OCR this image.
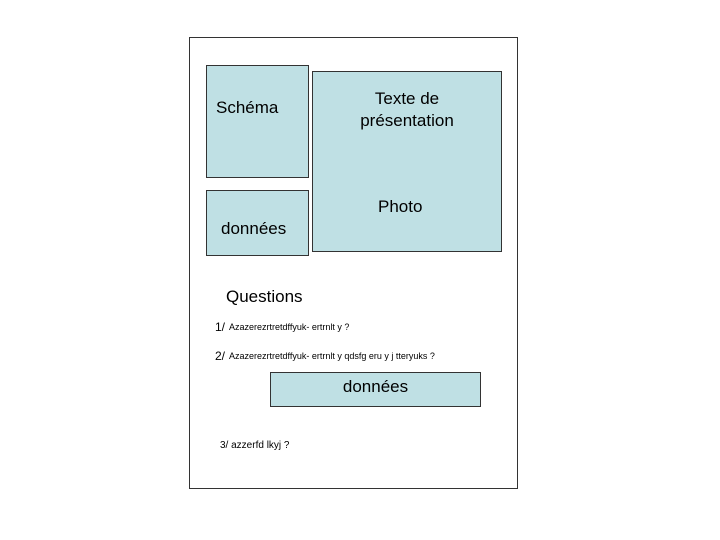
Schéma	Texte de
présentation
Photo
données
données
Questions
1/ Azazerezrtretdffyuk- ertrnlt y ?
2/ Azazerezrtretdffyuk- ertrnlt y qdsfg eru y j tteryuks ?
3/ azzerfd lkyj ?
